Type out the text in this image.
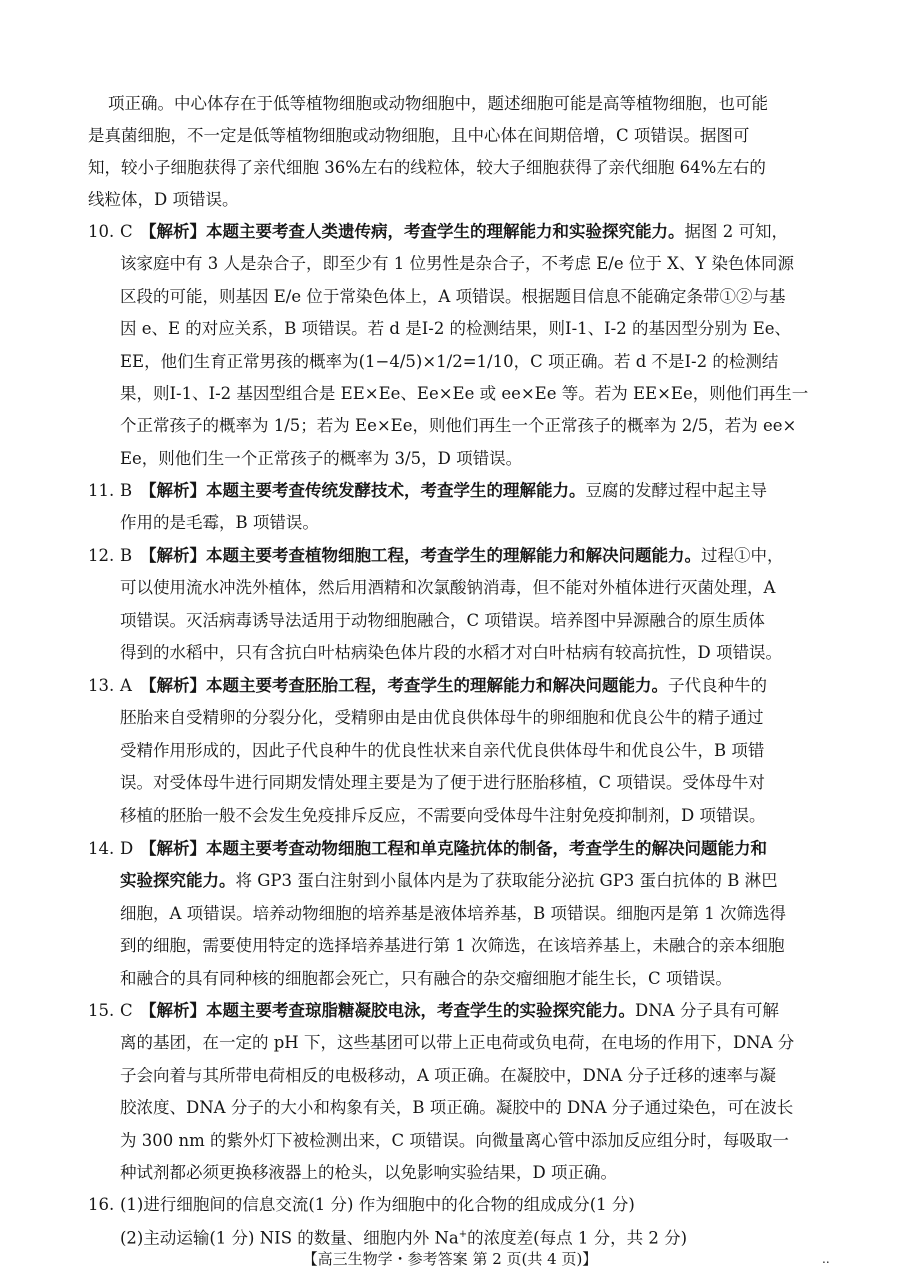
项正确。中心体存在于低等植物细胞或动物细胞中，题述细胞可能是高等植物细胞，也可能
是真菌细胞，不一定是低等植物细胞或动物细胞，且中心体在间期倍增，C 项错误。据图可
知，较小子细胞获得了亲代细胞 36%左右的线粒体，较大子细胞获得了亲代细胞 64%左右的
线粒体，D 项错误。
10. C 【解析】本题主要考查人类遗传病，考查学生的理解能力和实验探究能力。据图 2 可知，
该家庭中有 3 人是杂合子，即至少有 1 位男性是杂合子，不考虑 E/e 位于 X、Y 染色体同源
区段的可能，则基因 E/e 位于常染色体上，A 项错误。根据题目信息不能确定条带①②与基
因 e、E 的对应关系，B 项错误。若 d 是Ⅰ-2 的检测结果，则Ⅰ-1、Ⅰ-2 的基因型分别为 Ee、
EE，他们生育正常男孩的概率为(1−4/5)×1/2=1/10，C 项正确。若 d 不是Ⅰ-2 的检测结
果，则Ⅰ-1、Ⅰ-2 基因型组合是 EE×Ee、Ee×Ee 或 ee×Ee 等。若为 EE×Ee，则他们再生一
个正常孩子的概率为 1/5；若为 Ee×Ee，则他们再生一个正常孩子的概率为 2/5，若为 ee×
Ee，则他们生一个正常孩子的概率为 3/5，D 项错误。
11. B 【解析】本题主要考查传统发酵技术，考查学生的理解能力。豆腐的发酵过程中起主导
作用的是毛霉，B 项错误。
12. B 【解析】本题主要考查植物细胞工程，考查学生的理解能力和解决问题能力。过程①中，
可以使用流水冲洗外植体，然后用酒精和次氯酸钠消毒，但不能对外植体进行灭菌处理，A
项错误。灭活病毒诱导法适用于动物细胞融合，C 项错误。培养图中异源融合的原生质体
得到的水稻中，只有含抗白叶枯病染色体片段的水稻才对白叶枯病有较高抗性，D 项错误。
13. A 【解析】本题主要考查胚胎工程，考查学生的理解能力和解决问题能力。子代良种牛的
胚胎来自受精卵的分裂分化，受精卵由是由优良供体母牛的卵细胞和优良公牛的精子通过
受精作用形成的，因此子代良种牛的优良性状来自亲代优良供体母牛和优良公牛，B 项错
误。对受体母牛进行同期发情处理主要是为了便于进行胚胎移植，C 项错误。受体母牛对
移植的胚胎一般不会发生免疫排斥反应，不需要向受体母牛注射免疫抑制剂，D 项错误。
14. D 【解析】本题主要考查动物细胞工程和单克隆抗体的制备，考查学生的解决问题能力和
实验探究能力。将 GP3 蛋白注射到小鼠体内是为了获取能分泌抗 GP3 蛋白抗体的 B 淋巴
细胞，A 项错误。培养动物细胞的培养基是液体培养基，B 项错误。细胞丙是第 1 次筛选得
到的细胞，需要使用特定的选择培养基进行第 1 次筛选，在该培养基上，未融合的亲本细胞
和融合的具有同种核的细胞都会死亡，只有融合的杂交瘤细胞才能生长，C 项错误。
15. C 【解析】本题主要考查琼脂糖凝胶电泳，考查学生的实验探究能力。DNA 分子具有可解
离的基团，在一定的 pH 下，这些基团可以带上正电荷或负电荷，在电场的作用下，DNA 分
子会向着与其所带电荷相反的电极移动，A 项正确。在凝胶中，DNA 分子迁移的速率与凝
胶浓度、DNA 分子的大小和构象有关，B 项正确。凝胶中的 DNA 分子通过染色，可在波长
为 300 nm 的紫外灯下被检测出来，C 项错误。向微量离心管中添加反应组分时，每吸取一
种试剂都必须更换移液器上的枪头，以免影响实验结果，D 项正确。
16. (1)进行细胞间的信息交流(1 分) 作为细胞中的化合物的组成成分(1 分)
(2)主动运输(1 分) NIS 的数量、细胞内外 Na+的浓度差(每点 1 分，共 2 分)
【高三生物学・参考答案 第 2 页(共 4 页)】	..
